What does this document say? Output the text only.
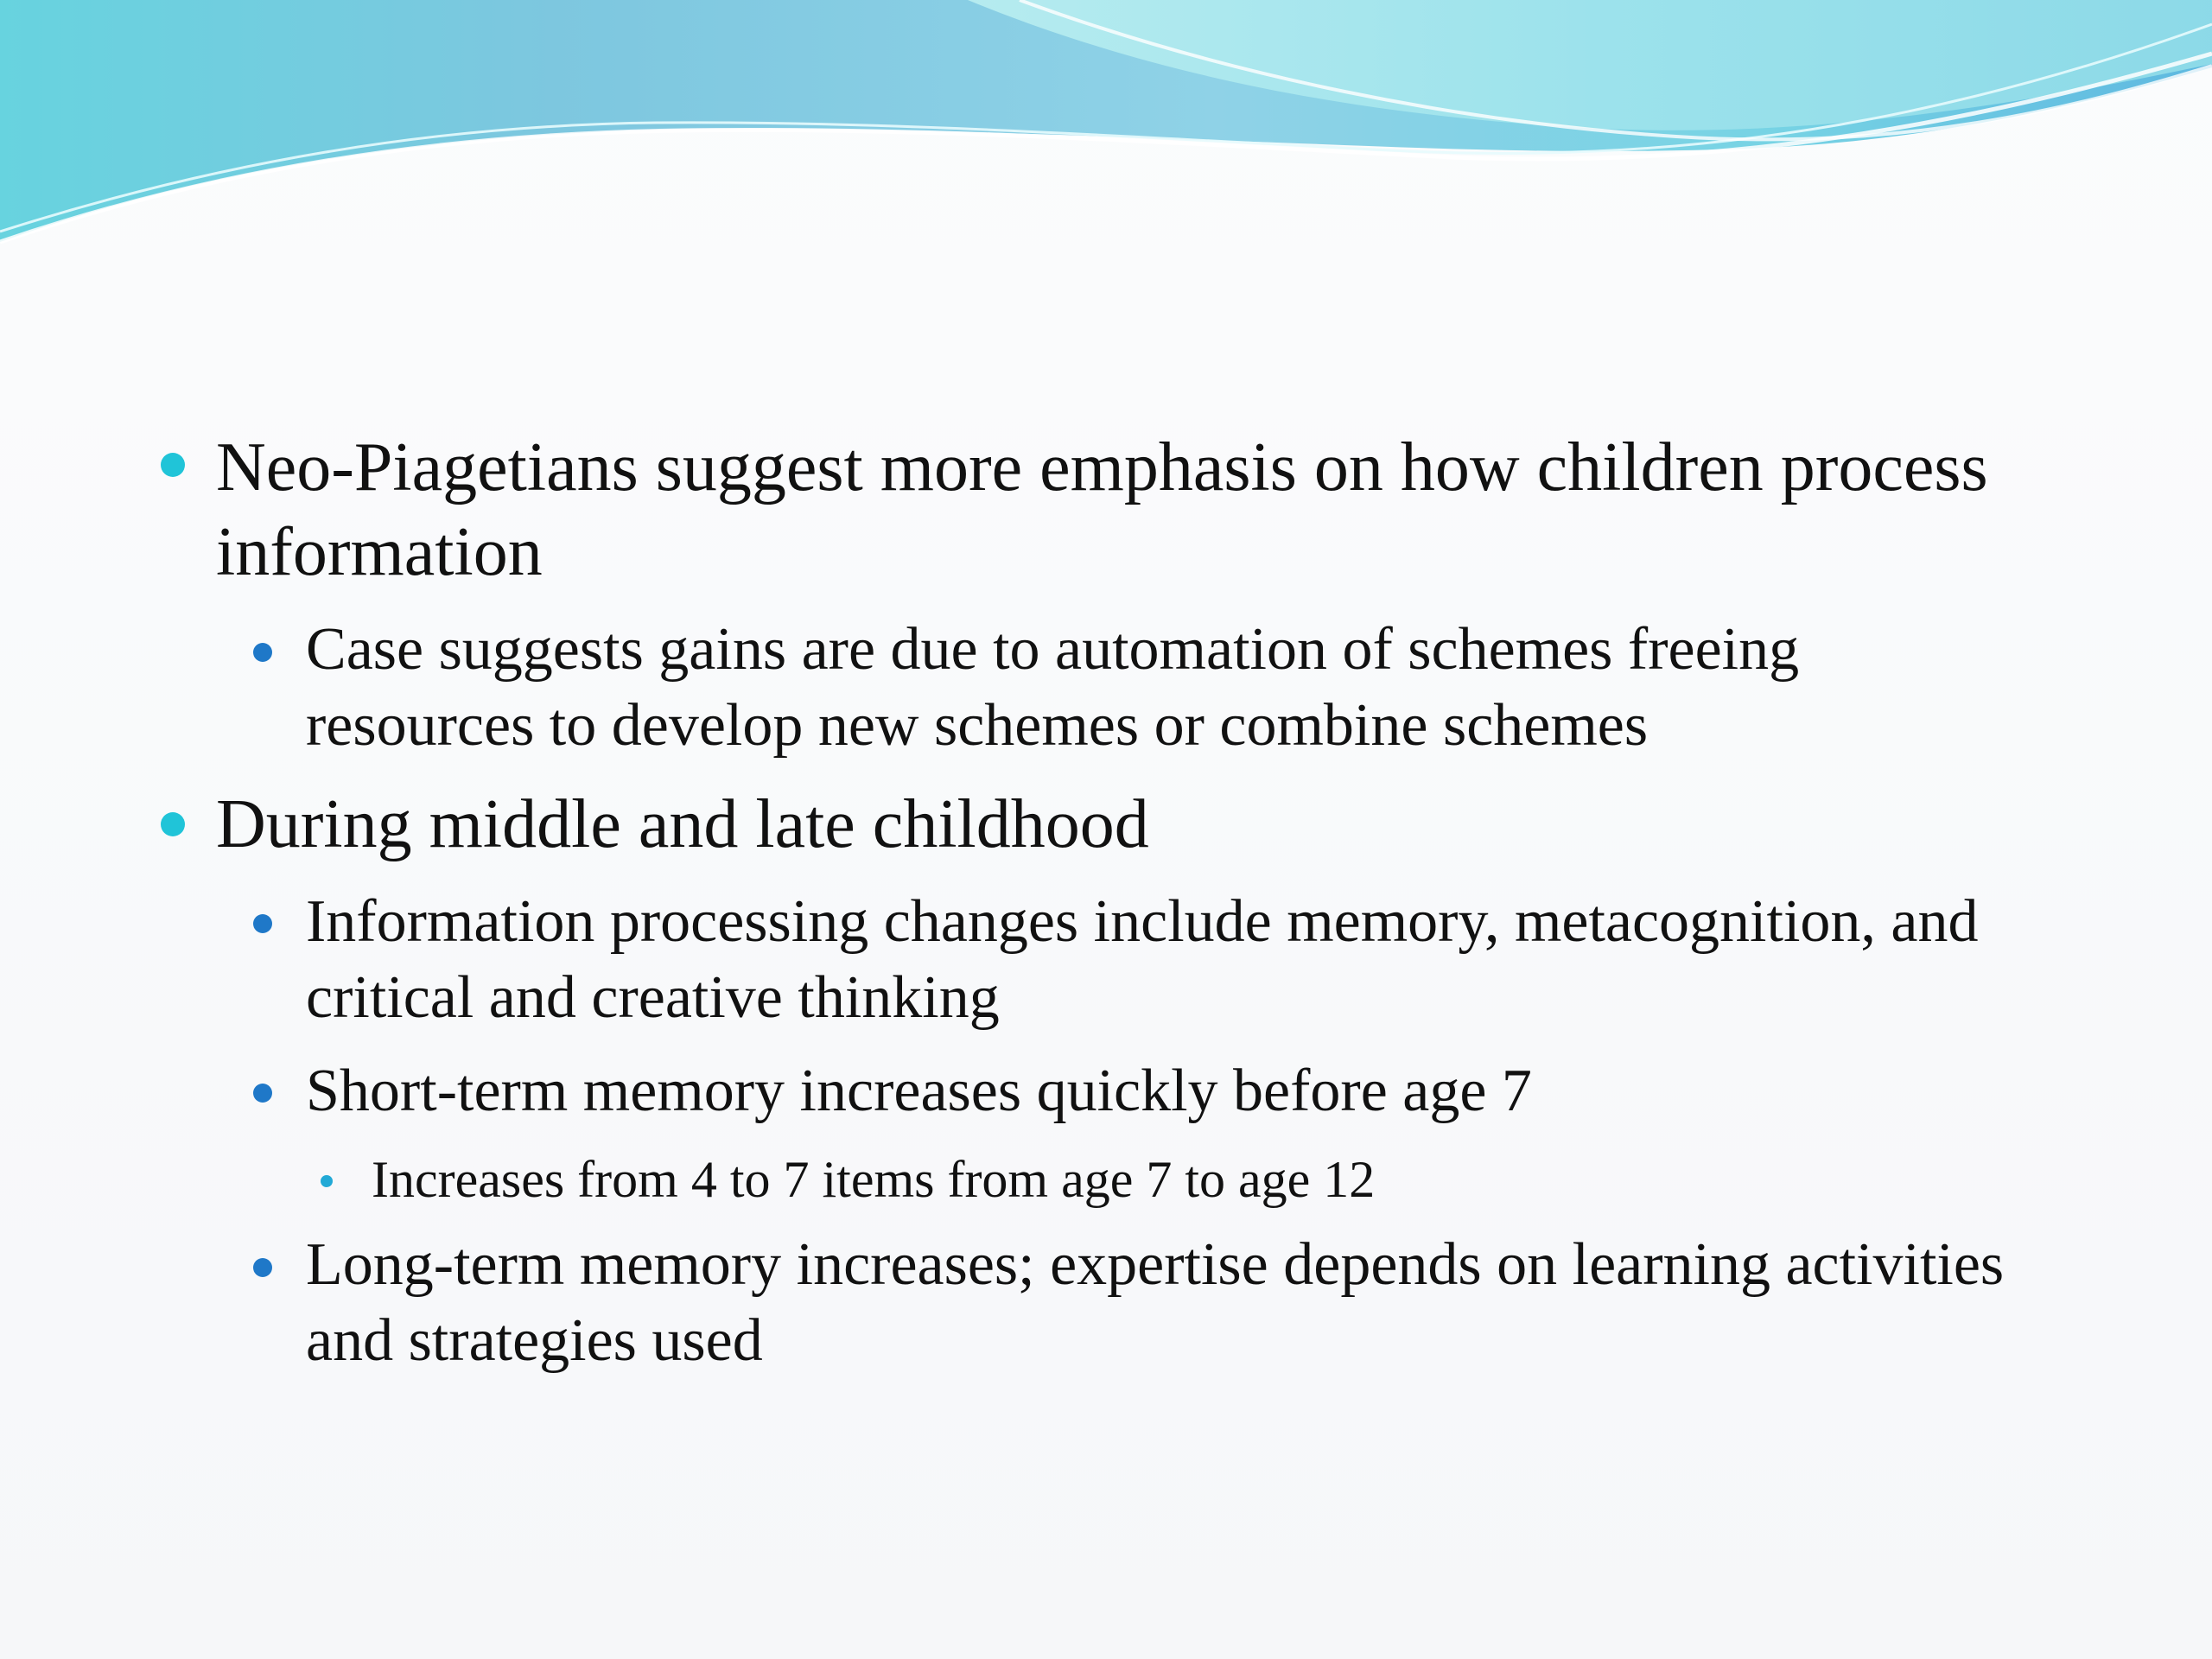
Neo-Piagetians suggest more emphasis on how children process information

Case suggests gains are due to automation of schemes freeing resources to develop new schemes or combine schemes

During middle and late childhood

Information processing changes include memory, metacognition, and critical and creative thinking

Short-term memory increases quickly before age 7

Increases from 4 to 7 items from age 7 to age 12

Long-term memory increases; expertise depends on learning activities and strategies used
